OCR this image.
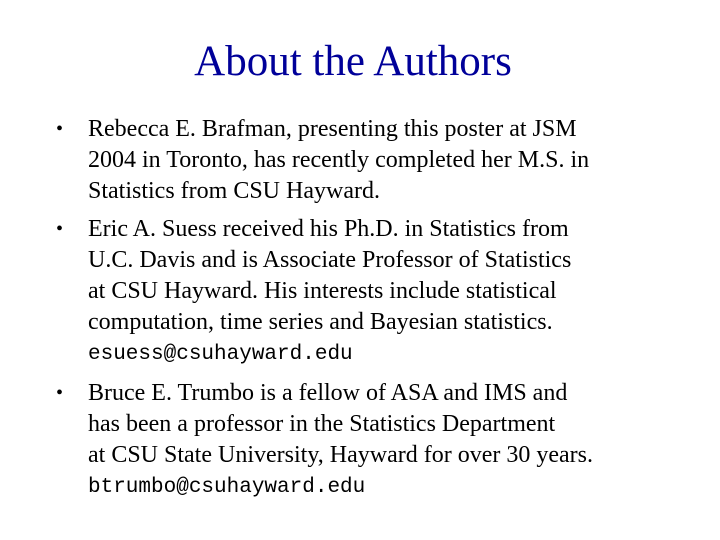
About the Authors
•	Rebecca E. Brafman, presenting this poster at JSM
2004 in Toronto, has recently completed her M.S. in
Statistics from CSU Hayward.
•	Eric A. Suess received his Ph.D. in Statistics from
U.C. Davis and is Associate Professor of Statistics
at CSU Hayward. His interests include statistical
computation, time series and Bayesian statistics.
esuess@csuhayward.edu
•	Bruce E. Trumbo is a fellow of ASA and IMS and
has been a professor in the Statistics Department
at CSU State University, Hayward for over 30 years.
btrumbo@csuhayward.edu
